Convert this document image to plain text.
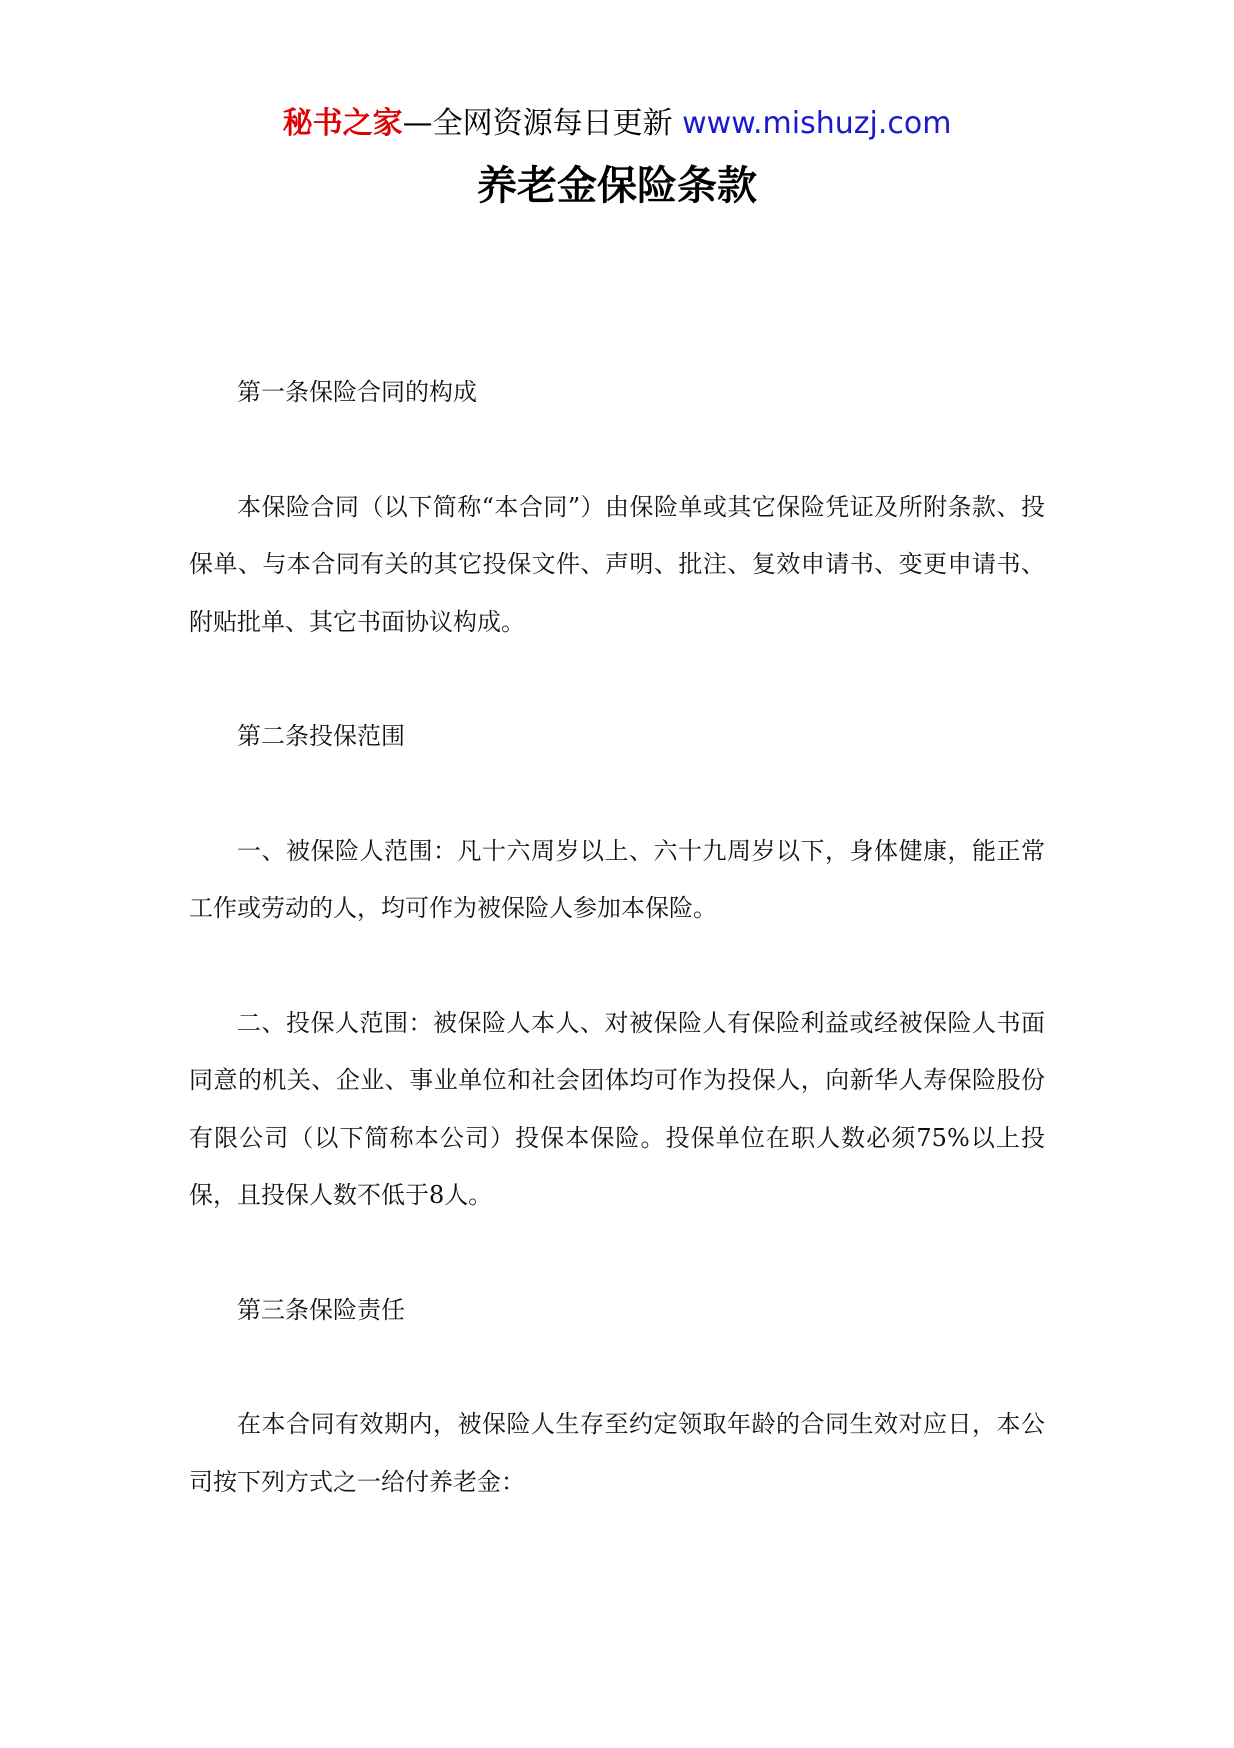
秘书之家—全网资源每日更新 www.mishuzj.com
养老金保险条款

第一条保险合同的构成

本保险合同（以下简称“本合同”）由保险单或其它保险凭证及所附条款、投保单、与本合同有关的其它投保文件、声明、批注、复效申请书、变更申请书、附贴批单、其它书面协议构成。

第二条投保范围

一、被保险人范围：凡十六周岁以上、六十九周岁以下，身体健康，能正常工作或劳动的人，均可作为被保险人参加本保险。

二、投保人范围：被保险人本人、对被保险人有保险利益或经被保险人书面同意的机关、企业、事业单位和社会团体均可作为投保人，向新华人寿保险股份有限公司（以下简称本公司）投保本保险。投保单位在职人数必须75%以上投保，且投保人数不低于8人。

第三条保险责任

在本合同有效期内，被保险人生存至约定领取年龄的合同生效对应日，本公司按下列方式之一给付养老金：
